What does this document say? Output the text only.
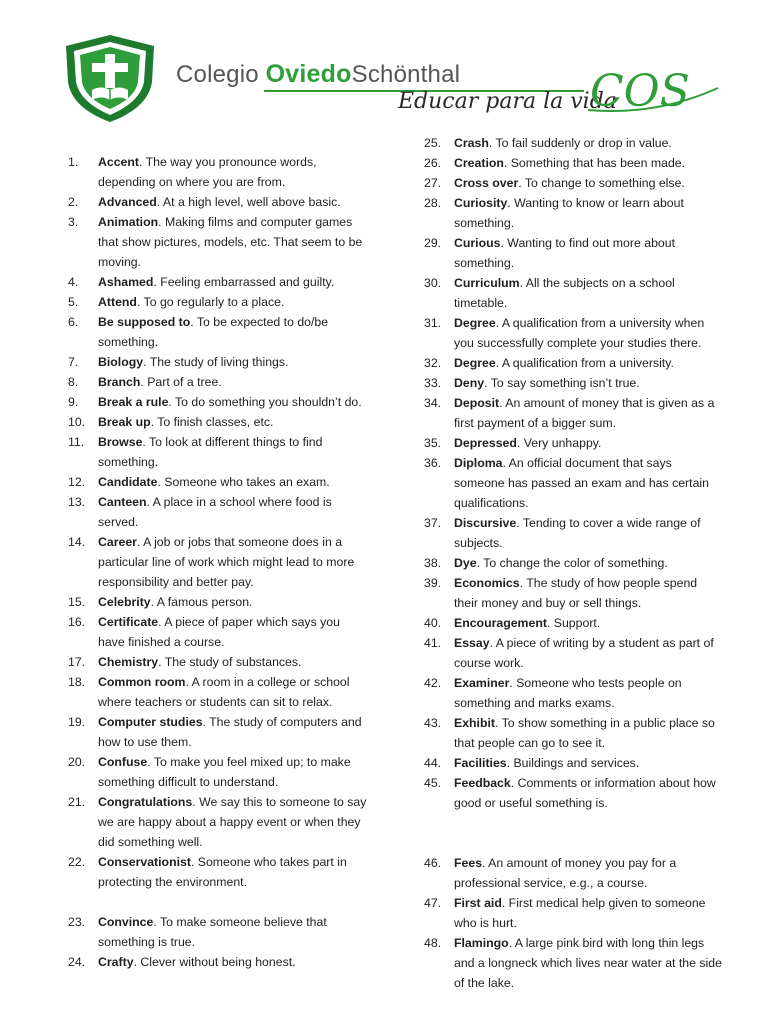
Colegio OviedoSchönthal
Educar para la vida
COS
1. Accent. The way you pronounce words, depending on where you are from.
2. Advanced. At a high level, well above basic.
3. Animation. Making films and computer games that show pictures, models, etc. That seem to be moving.
4. Ashamed. Feeling embarrassed and guilty.
5. Attend. To go regularly to a place.
6. Be supposed to. To be expected to do/be something.
7. Biology. The study of living things.
8. Branch. Part of a tree.
9. Break a rule. To do something you shouldn’t do.
10. Break up. To finish classes, etc.
11. Browse. To look at different things to find something.
12. Candidate. Someone who takes an exam.
13. Canteen. A place in a school where food is served.
14. Career. A job or jobs that someone does in a particular line of work which might lead to more responsibility and better pay.
15. Celebrity. A famous person.
16. Certificate. A piece of paper which says you have finished a course.
17. Chemistry. The study of substances.
18. Common room. A room in a college or school where teachers or students can sit to relax.
19. Computer studies. The study of computers and how to use them.
20. Confuse. To make you feel mixed up; to make something difficult to understand.
21. Congratulations. We say this to someone to say we are happy about a happy event or when they did something well.
22. Conservationist. Someone who takes part in protecting the environment.
23. Convince. To make someone believe that something is true.
24. Crafty. Clever without being honest.
25. Crash. To fail suddenly or drop in value.
26. Creation. Something that has been made.
27. Cross over. To change to something else.
28. Curiosity. Wanting to know or learn about something.
29. Curious. Wanting to find out more about something.
30. Curriculum. All the subjects on a school timetable.
31. Degree. A qualification from a university when you successfully complete your studies there.
32. Degree. A qualification from a university.
33. Deny. To say something isn’t true.
34. Deposit. An amount of money that is given as a first payment of a bigger sum.
35. Depressed. Very unhappy.
36. Diploma. An official document that says someone has passed an exam and has certain qualifications.
37. Discursive. Tending to cover a wide range of subjects.
38. Dye. To change the color of something.
39. Economics. The study of how people spend their money and buy or sell things.
40. Encouragement. Support.
41. Essay. A piece of writing by a student as part of course work.
42. Examiner. Someone who tests people on something and marks exams.
43. Exhibit. To show something in a public place so that people can go to see it.
44. Facilities. Buildings and services.
45. Feedback. Comments or information about how good or useful something is.
46. Fees. An amount of money you pay for a professional service, e.g., a course.
47. First aid. First medical help given to someone who is hurt.
48. Flamingo. A large pink bird with long thin legs and a longneck which lives near water at the side of the lake.
